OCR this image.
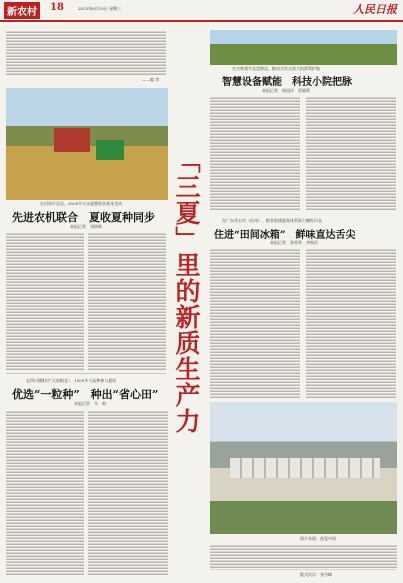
新农村	18	2025年6月25日 星期三	人民日报
——编 者
在吉林建平县盘锦县，粮动全环式放大机保驾护航
智慧设备赋能　科技小院把脉
本报记者　杨国庆　贾晓莉
「三夏」里的新质生产力
在河南许昌县，5500多万亩夏粮收获基本完成
先进农机联合　夏收夏种同步
本报记者　刘锦新
在广东茂名市（化州），粮食收储服务体系助力颗粒归仓
住进“田间冰箱”　鲜味直达舌尖
本报记者　余荣华　李秋怡
在四川德阳市“天府粮仓”，1500多个品种参与夏收
优选“一粒种”　种出“省心田”
本报记者　马　帅
图片来源：视觉中国
版式设计：张丹峰
